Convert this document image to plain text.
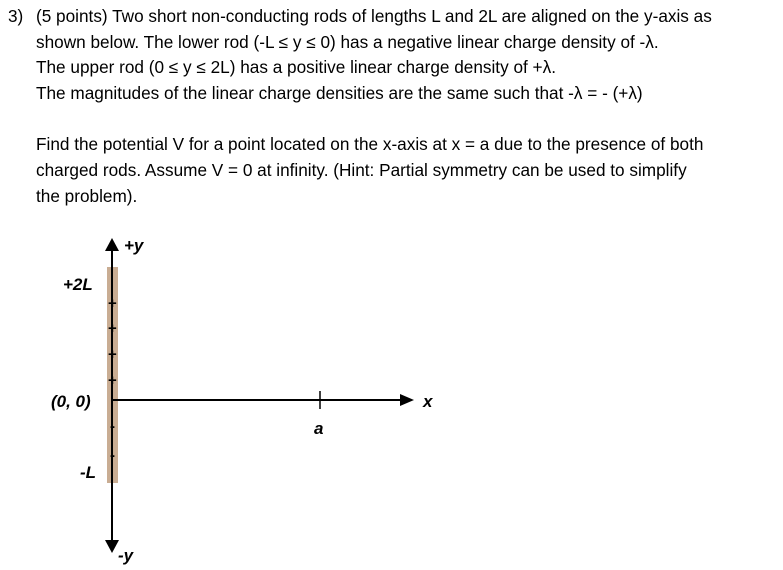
3) (5 points) Two short non-conducting rods of lengths L and 2L are aligned on the y-axis as
shown below. The lower rod (-L ≤ y ≤ 0) has a negative linear charge density of -λ.
The upper rod (0 ≤ y ≤ 2L) has a positive linear charge density of +λ.
The magnitudes of the linear charge densities are the same such that -λ = - (+λ)
Find the potential V for a point located on the x-axis at x = a due to the presence of both
charged rods. Assume V = 0 at infinity. (Hint: Partial symmetry can be used to simplify
the problem).
+y
-y
x
+2L
(0, 0)
-L
a
+
+
+
+
-
-
